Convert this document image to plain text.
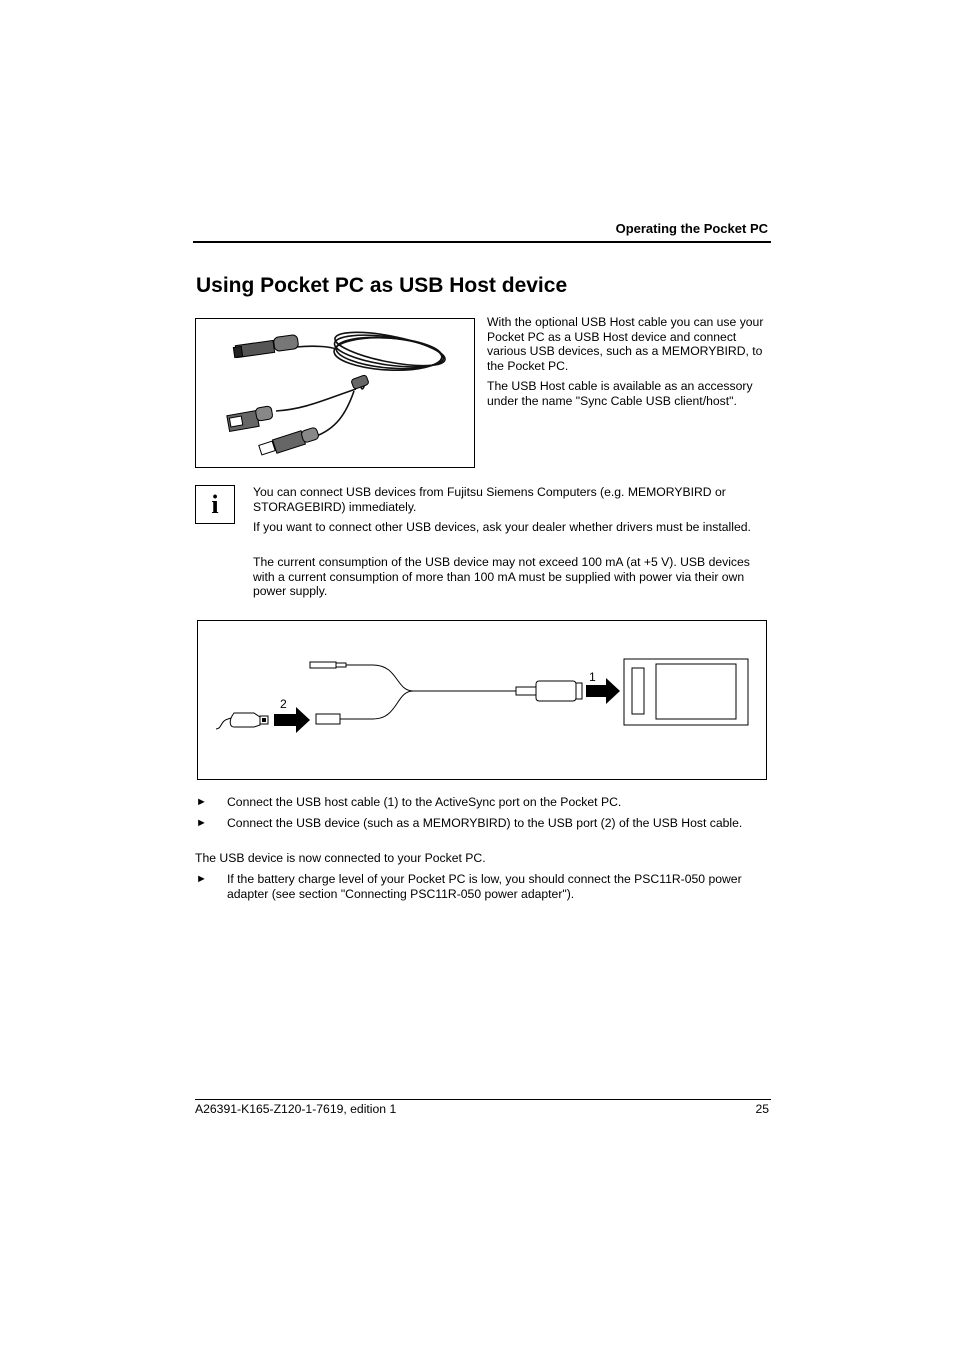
Operating the Pocket PC
Using Pocket PC as USB Host device
With the optional USB Host cable you can use your Pocket PC as a USB Host device and connect various USB devices, such as a MEMORYBIRD, to the Pocket PC.
The USB Host cable is available as an accessory under the name "Sync Cable USB client/host".
i	You can connect USB devices from Fujitsu Siemens Computers (e.g. MEMORYBIRD or STORAGEBIRD) immediately.
If you want to connect other USB devices, ask your dealer whether drivers must be installed.
The current consumption of the USB device may not exceed 100 mA (at +5 V). USB devices with a current consumption of more than 100 mA must be supplied with power via their own power supply.
1
2
► Connect the USB host cable (1) to the ActiveSync port on the Pocket PC.
► Connect the USB device (such as a MEMORYBIRD) to the USB port (2) of the USB Host cable.
The USB device is now connected to your Pocket PC.
► If the battery charge level of your Pocket PC is low, you should connect the PSC11R-050 power adapter (see section "Connecting PSC11R-050 power adapter").
A26391-K165-Z120-1-7619, edition 1	25
